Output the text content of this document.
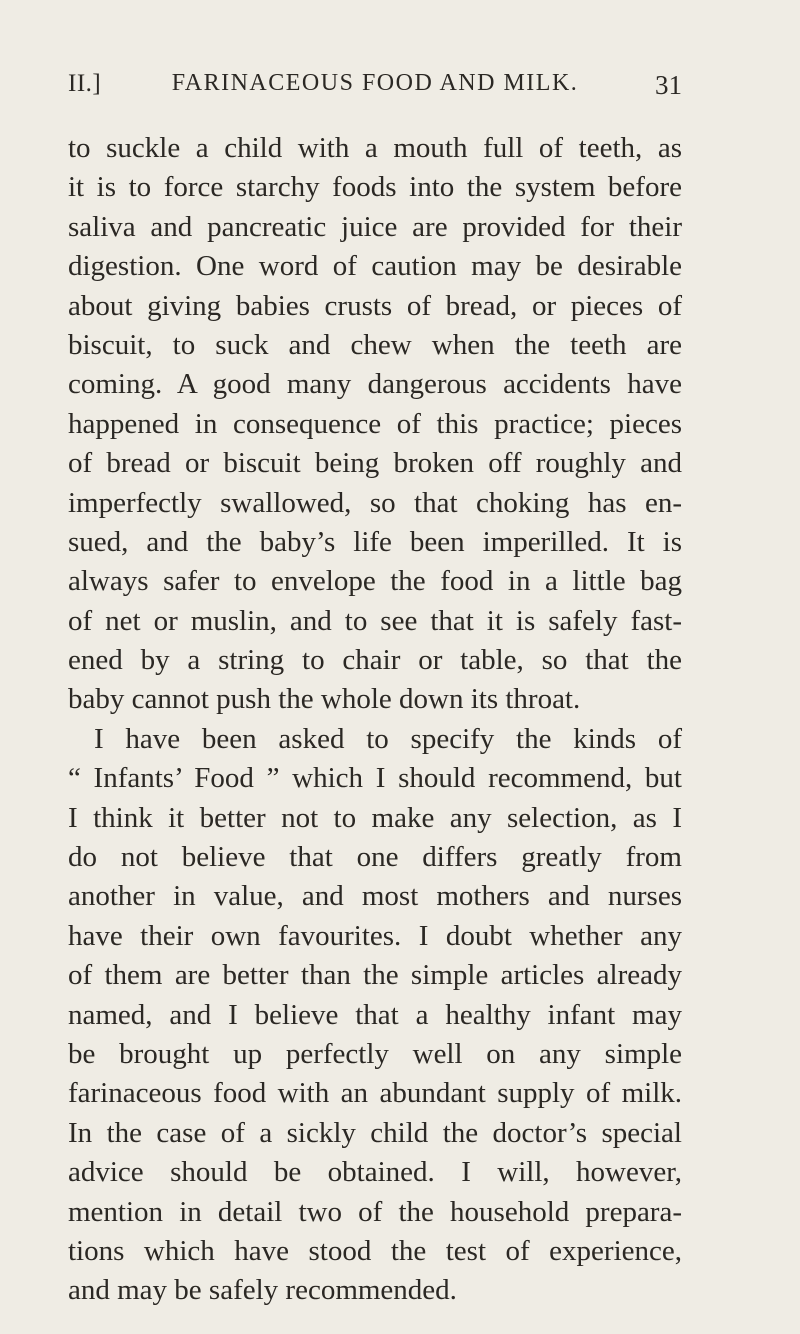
II.]	FARINACEOUS FOOD AND MILK.	31
to suckle a child with a mouth full of teeth, as
it is to force starchy foods into the system before
saliva and pancreatic juice are provided for their
digestion. One word of caution may be desirable
about giving babies crusts of bread, or pieces of
biscuit, to suck and chew when the teeth are
coming. A good many dangerous accidents have
happened in consequence of this practice; pieces
of bread or biscuit being broken off roughly and
imperfectly swallowed, so that choking has en-
sued, and the baby’s life been imperilled. It is
always safer to envelope the food in a little bag
of net or muslin, and to see that it is safely fast-
ened by a string to chair or table, so that the
baby cannot push the whole down its throat.
I have been asked to specify the kinds of
“ Infants’ Food ” which I should recommend, but
I think it better not to make any selection, as I
do not believe that one differs greatly from
another in value, and most mothers and nurses
have their own favourites. I doubt whether any
of them are better than the simple articles already
named, and I believe that a healthy infant may
be brought up perfectly well on any simple
farinaceous food with an abundant supply of milk.
In the case of a sickly child the doctor’s special
advice should be obtained. I will, however,
mention in detail two of the household prepara-
tions which have stood the test of experience,
and may be safely recommended.
